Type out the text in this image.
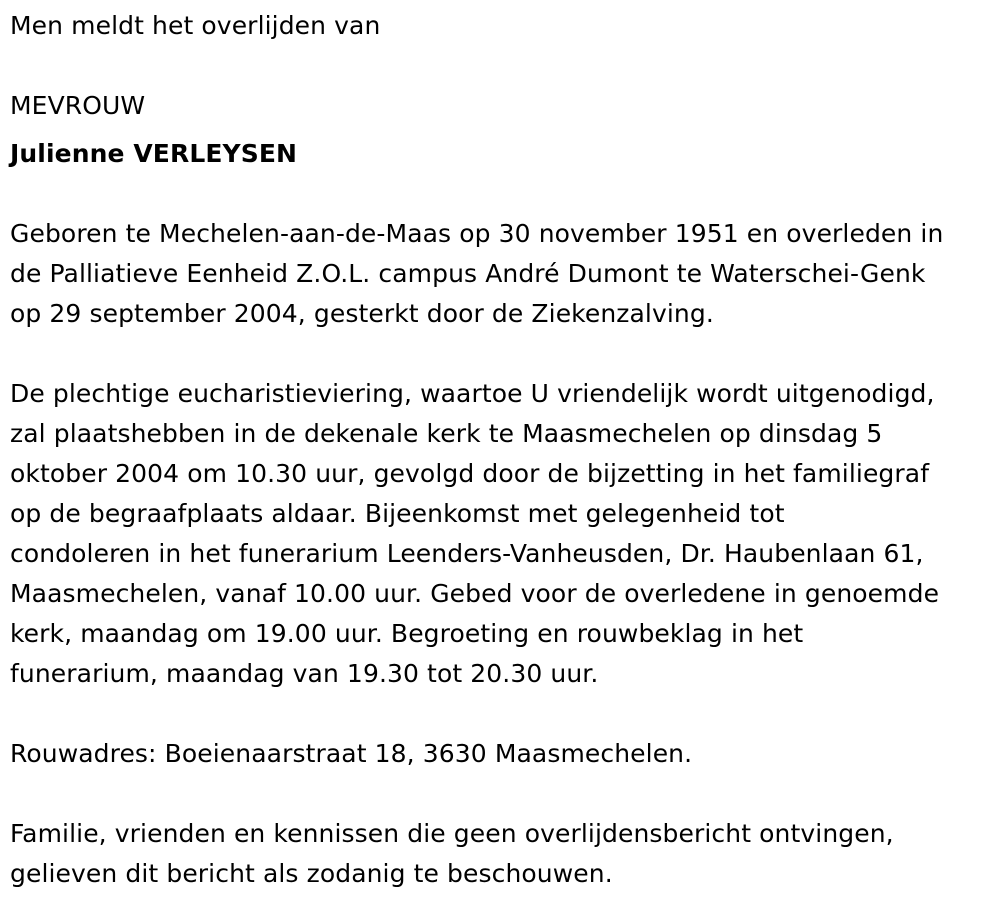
Men meldt het overlijden van
MEVROUW
Julienne VERLEYSEN
Geboren te Mechelen-aan-de-Maas op 30 november 1951 en overleden in
de Palliatieve Eenheid Z.O.L. campus André Dumont te Waterschei-Genk
op 29 september 2004, gesterkt door de Ziekenzalving.
De plechtige eucharistieviering, waartoe U vriendelijk wordt uitgenodigd,
zal plaatshebben in de dekenale kerk te Maasmechelen op dinsdag 5
oktober 2004 om 10.30 uur, gevolgd door de bijzetting in het familiegraf
op de begraafplaats aldaar. Bijeenkomst met gelegenheid tot
condoleren in het funerarium Leenders-Vanheusden, Dr. Haubenlaan 61,
Maasmechelen, vanaf 10.00 uur. Gebed voor de overledene in genoemde
kerk, maandag om 19.00 uur. Begroeting en rouwbeklag in het
funerarium, maandag van 19.30 tot 20.30 uur.
Rouwadres: Boeienaarstraat 18, 3630 Maasmechelen.
Familie, vrienden en kennissen die geen overlijdensbericht ontvingen,
gelieven dit bericht als zodanig te beschouwen.
